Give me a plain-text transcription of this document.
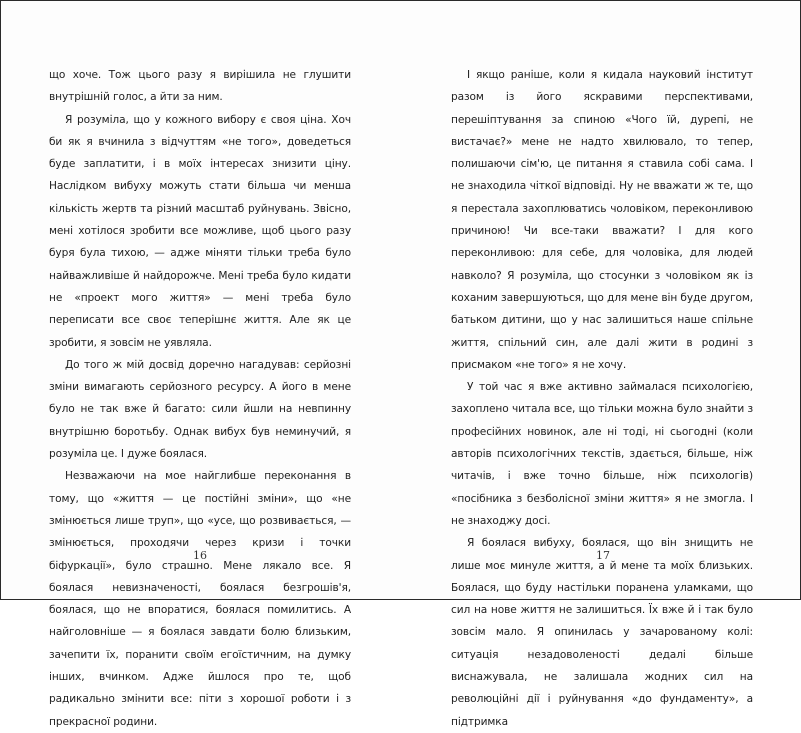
що хоче. Тож цього разу я вирішила не глушити внутрішній голос, а йти за ним.

Я розуміла, що у кожного вибору є своя ціна. Хоч би як я вчинила з відчуттям «не того», доведеться буде заплатити, і в моїх інтересах знизити ціну. Наслідком вибуху можуть стати більша чи менша кількість жертв та різний масштаб руйнувань. Звісно, мені хотілося зробити все можливе, щоб цього разу буря була тихою, — адже міняти тільки треба було найважливіше й найдорожче. Мені треба було кидати не «проект мого життя» — мені треба було переписати все своє теперішнє життя. Але як це зробити, я зовсім не уявляла.

До того ж мій досвід доречно нагадував: серйозні зміни вимагають серйозного ресурсу. А його в мене було не так вже й багато: сили йшли на невпинну внутрішню боротьбу. Однак вибух був неминучий, я розуміла це. І дуже боялася.

Незважаючи на мое найглибше переконання в тому, що «життя — це постійні зміни», що «не змінюється лише труп», що «усе, що розвивається, — змінюється, проходячи через кризи і точки біфуркації», було страшно. Мене лякало все. Я боялася невизначеності, боялася безгрошів'я, боялася, що не впоратися, боялася помилитись. А найголовніше — я боялася завдати болю близьким, зачепити їх, поранити своїм егоїстичним, на думку інших, вчинком. Адже йшлося про те, щоб радикально змінити все: піти з хорошої роботи і з прекрасної родини.

16

І якщо раніше, коли я кидала науковий інститут разом із його яскравими перспективами, перешіптування за спиною «Чого їй, дурепі, не вистачає?» мене не надто хвилювало, то тепер, полишаючи сім'ю, це питання я ставила собі сама. І не знаходила чіткої відповіді. Ну не вважати ж те, що я перестала захоплюватись чоловіком, переконливою причиною! Чи все-таки вважати? І для кого переконливою: для себе, для чоловіка, для людей навколо? Я розуміла, що стосунки з чоловіком як із коханим завершуються, що для мене він буде другом, батьком дитини, що у нас залишиться наше спільне життя, спільний син, але далі жити в родині з присмаком «не того» я не хочу.

У той час я вже активно займалася психологією, захоплено читала все, що тільки можна було знайти з професійних новинок, але ні тоді, ні сьогодні (коли авторів психологічних текстів, здається, більше, ніж читачів, і вже точно більше, ніж психологів) «посібника з безболісної зміни життя» я не змогла. І не знаходжу досі.

Я боялася вибуху, боялася, що він знищить не лише моє минуле життя, а й мене та моїх близьких. Боялася, що буду настільки поранена уламками, що сил на нове життя не залишиться. Їх вже й і так було зовсім мало. Я опинилась у зачарованому колі: ситуація незадоволеності дедалі більше виснажувала, не залишала жодних сил на революційні дії і руйнування «до фундаменту», а підтримка

17
